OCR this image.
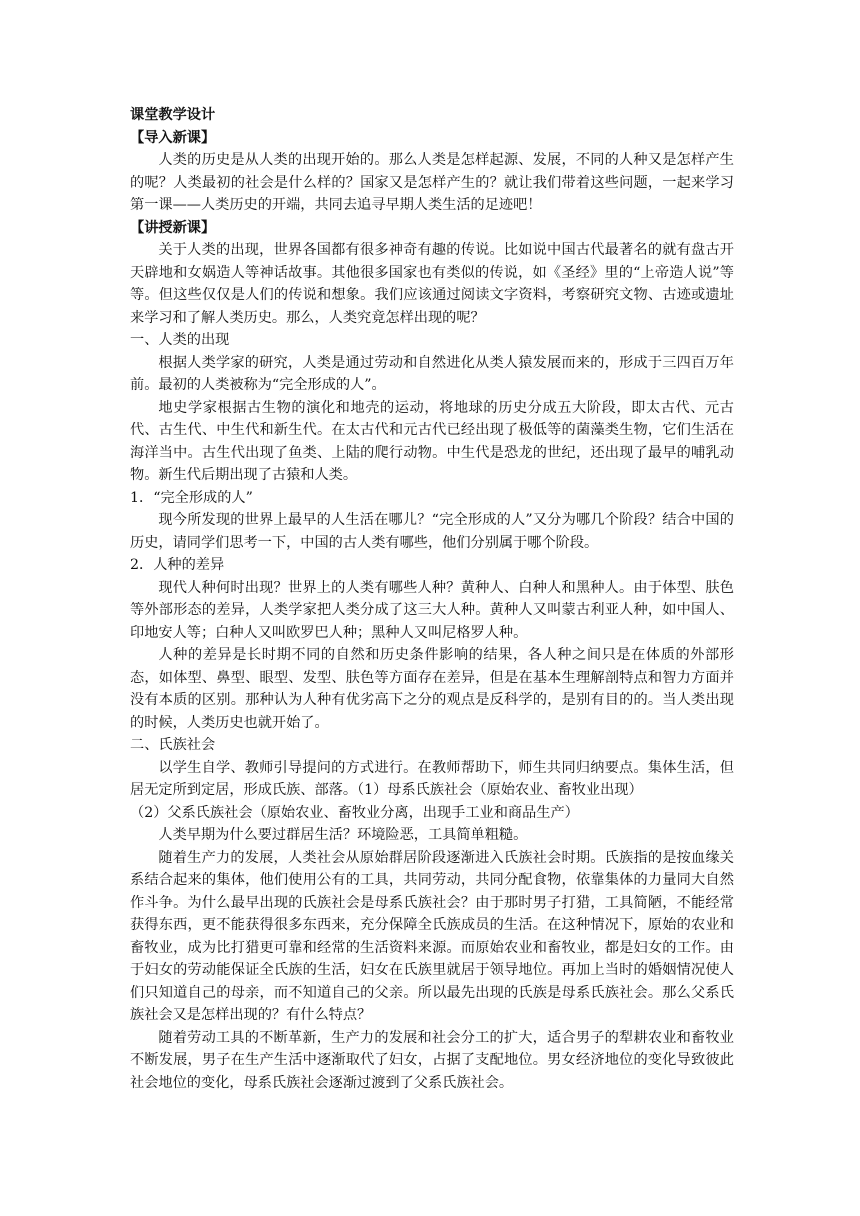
课堂教学设计
【导入新课】
人类的历史是从人类的出现开始的。那么人类是怎样起源、发展，不同的人种又是怎样产生的呢？人类最初的社会是什么样的？国家又是怎样产生的？就让我们带着这些问题，一起来学习第一课——人类历史的开端，共同去追寻早期人类生活的足迹吧！
【讲授新课】
关于人类的出现，世界各国都有很多神奇有趣的传说。比如说中国古代最著名的就有盘古开天辟地和女娲造人等神话故事。其他很多国家也有类似的传说，如《圣经》里的“上帝造人说”等等。但这些仅仅是人们的传说和想象。我们应该通过阅读文字资料，考察研究文物、古迹或遗址来学习和了解人类历史。那么，人类究竟怎样出现的呢？
一、人类的出现
根据人类学家的研究，人类是通过劳动和自然进化从类人猿发展而来的，形成于三四百万年前。最初的人类被称为“完全形成的人”。
地史学家根据古生物的演化和地壳的运动，将地球的历史分成五大阶段，即太古代、元古代、古生代、中生代和新生代。在太古代和元古代已经出现了极低等的菌藻类生物，它们生活在海洋当中。古生代出现了鱼类、上陆的爬行动物。中生代是恐龙的世纪，还出现了最早的哺乳动物。新生代后期出现了古猿和人类。
1．“完全形成的人”
现今所发现的世界上最早的人生活在哪儿？“完全形成的人”又分为哪几个阶段？结合中国的历史，请同学们思考一下，中国的古人类有哪些，他们分别属于哪个阶段。
2．人种的差异
现代人种何时出现？世界上的人类有哪些人种？黄种人、白种人和黑种人。由于体型、肤色等外部形态的差异，人类学家把人类分成了这三大人种。黄种人又叫蒙古利亚人种，如中国人、印地安人等；白种人又叫欧罗巴人种；黑种人又叫尼格罗人种。
人种的差异是长时期不同的自然和历史条件影响的结果，各人种之间只是在体质的外部形态，如体型、鼻型、眼型、发型、肤色等方面存在差异，但是在基本生理解剖特点和智力方面并没有本质的区别。那种认为人种有优劣高下之分的观点是反科学的，是别有目的的。当人类出现的时候，人类历史也就开始了。
二、氏族社会
以学生自学、教师引导提问的方式进行。在教师帮助下，师生共同归纳要点。集体生活，但居无定所到定居，形成氏族、部落。（1）母系氏族社会（原始农业、畜牧业出现）
（2）父系氏族社会（原始农业、畜牧业分离，出现手工业和商品生产）
人类早期为什么要过群居生活？环境险恶，工具简单粗糙。
随着生产力的发展，人类社会从原始群居阶段逐渐进入氏族社会时期。氏族指的是按血缘关系结合起来的集体，他们使用公有的工具，共同劳动，共同分配食物，依靠集体的力量同大自然作斗争。为什么最早出现的氏族社会是母系氏族社会？由于那时男子打猎，工具简陋，不能经常获得东西，更不能获得很多东西来，充分保障全氏族成员的生活。在这种情况下，原始的农业和畜牧业，成为比打猎更可靠和经常的生活资料来源。而原始农业和畜牧业，都是妇女的工作。由于妇女的劳动能保证全氏族的生活，妇女在氏族里就居于领导地位。再加上当时的婚姻情况使人们只知道自己的母亲，而不知道自己的父亲。所以最先出现的氏族是母系氏族社会。那么父系氏族社会又是怎样出现的？有什么特点？
随着劳动工具的不断革新，生产力的发展和社会分工的扩大，适合男子的犁耕农业和畜牧业不断发展，男子在生产生活中逐渐取代了妇女，占据了支配地位。男女经济地位的变化导致彼此社会地位的变化，母系氏族社会逐渐过渡到了父系氏族社会。
